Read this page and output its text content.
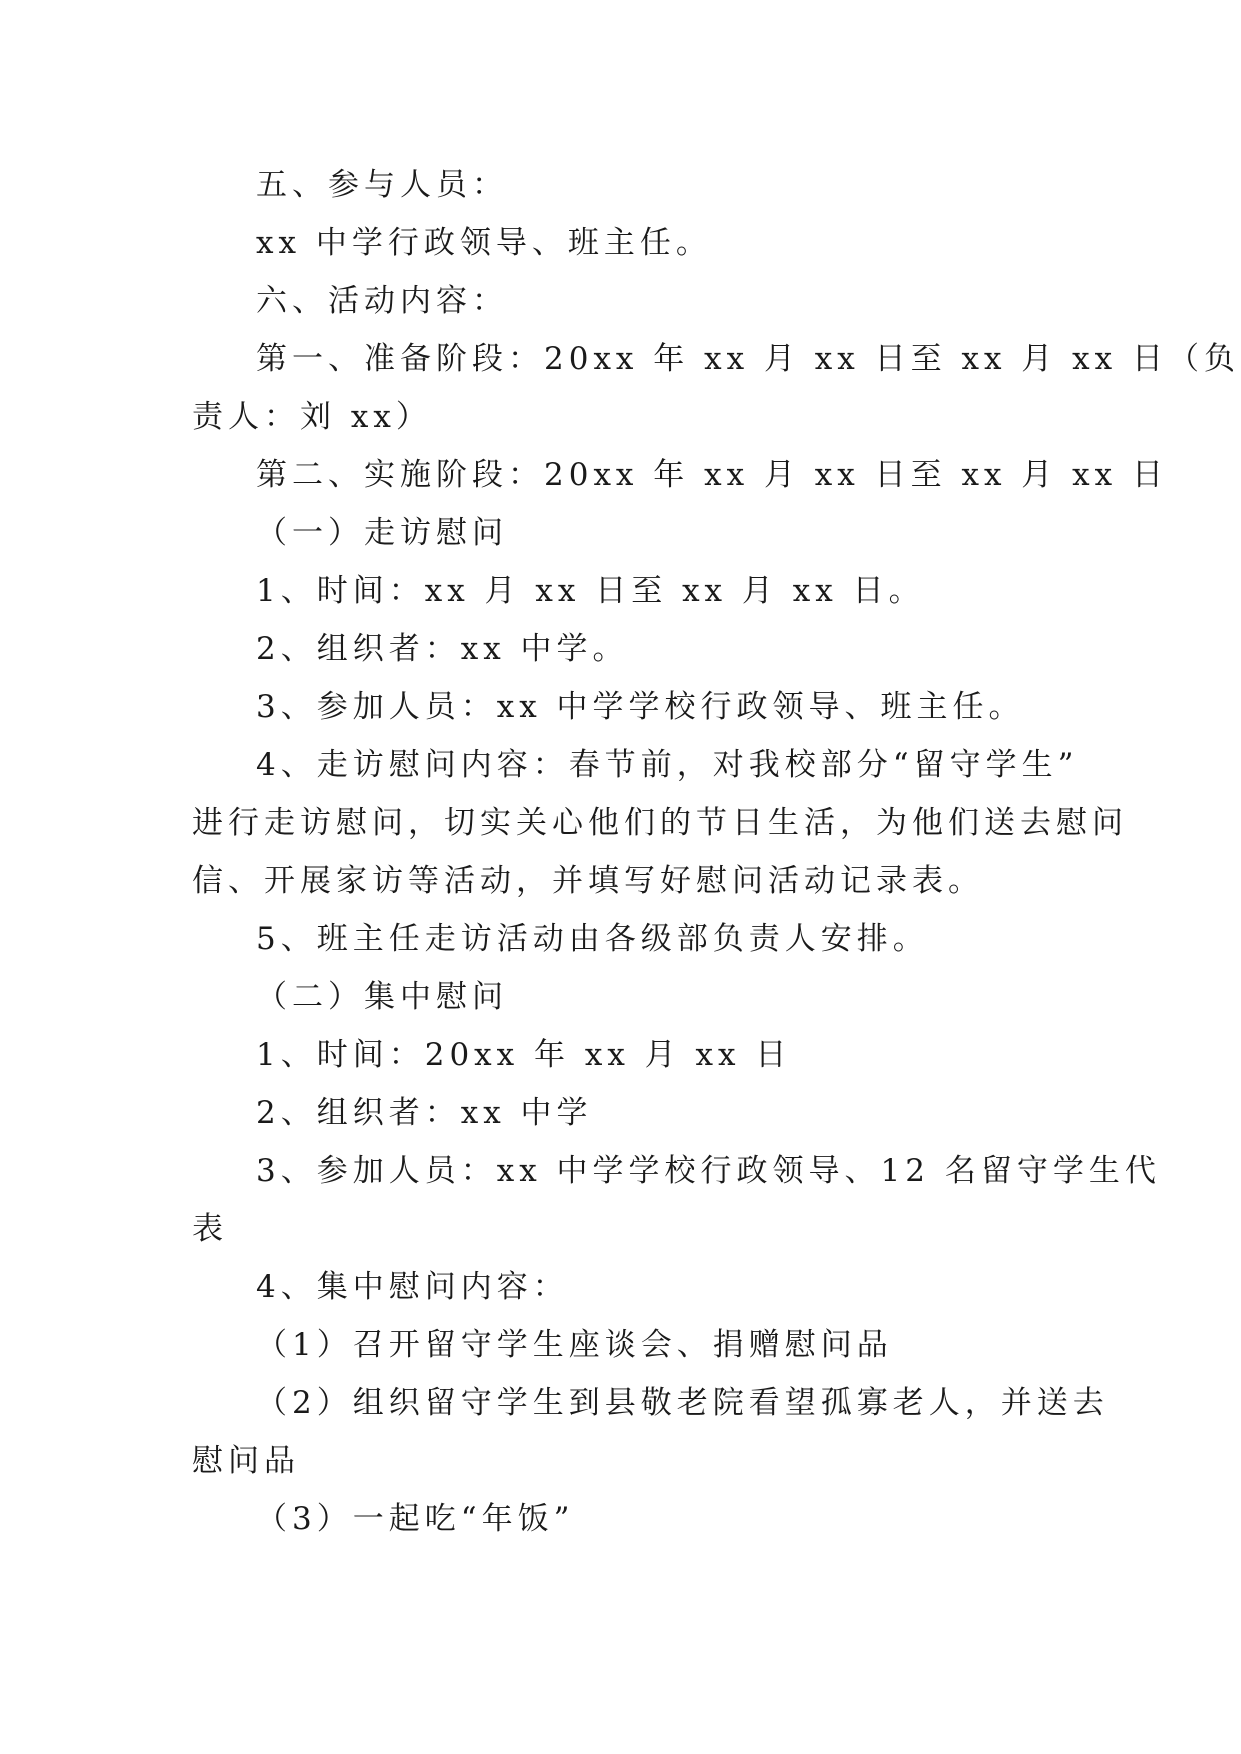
五、参与人员：

xx 中学行政领导、班主任。

六、活动内容：

第一、准备阶段：20xx 年 xx 月 xx 日至 xx 月 xx 日（负

责人：刘 xx）

第二、实施阶段：20xx 年 xx 月 xx 日至 xx 月 xx 日

（一）走访慰问

1、时间：xx 月 xx 日至 xx 月 xx 日。

2、组织者：xx 中学。

3、参加人员：xx 中学学校行政领导、班主任。

4、走访慰问内容：春节前，对我校部分“留守学生”

进行走访慰问，切实关心他们的节日生活，为他们送去慰问

信、开展家访等活动，并填写好慰问活动记录表。

5、班主任走访活动由各级部负责人安排。

（二）集中慰问

1、时间：20xx 年 xx 月 xx 日

2、组织者：xx 中学

3、参加人员：xx 中学学校行政领导、12 名留守学生代

表

4、集中慰问内容：

（1）召开留守学生座谈会、捐赠慰问品

（2）组织留守学生到县敬老院看望孤寡老人，并送去

慰问品

（3）一起吃“年饭”
